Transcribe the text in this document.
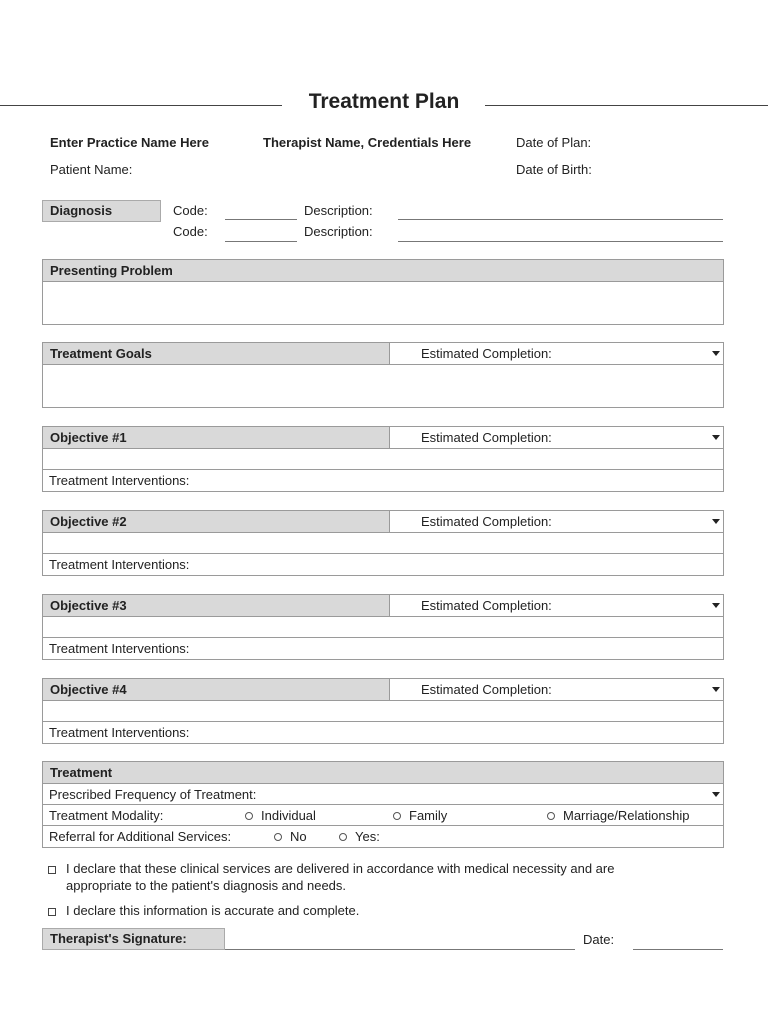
Treatment Plan
Enter Practice Name Here	Therapist Name, Credentials Here	Date of Plan:
Patient Name:	Date of Birth:
Diagnosis	Code:	Description:
Code:	Description:
Presenting Problem
Treatment Goals	Estimated Completion:
Objective #1	Estimated Completion:
Treatment Interventions:
Objective #2	Estimated Completion:
Treatment Interventions:
Objective #3	Estimated Completion:
Treatment Interventions:
Objective #4	Estimated Completion:
Treatment Interventions:
Treatment
Prescribed Frequency of Treatment:
Treatment Modality:	Individual	Family	Marriage/Relationship
Referral for Additional Services:	No	Yes:
I declare that these clinical services are delivered in accordance with medical necessity and are
appropriate to the patient's diagnosis and needs.
I declare this information is accurate and complete.
Therapist's Signature:	Date:
